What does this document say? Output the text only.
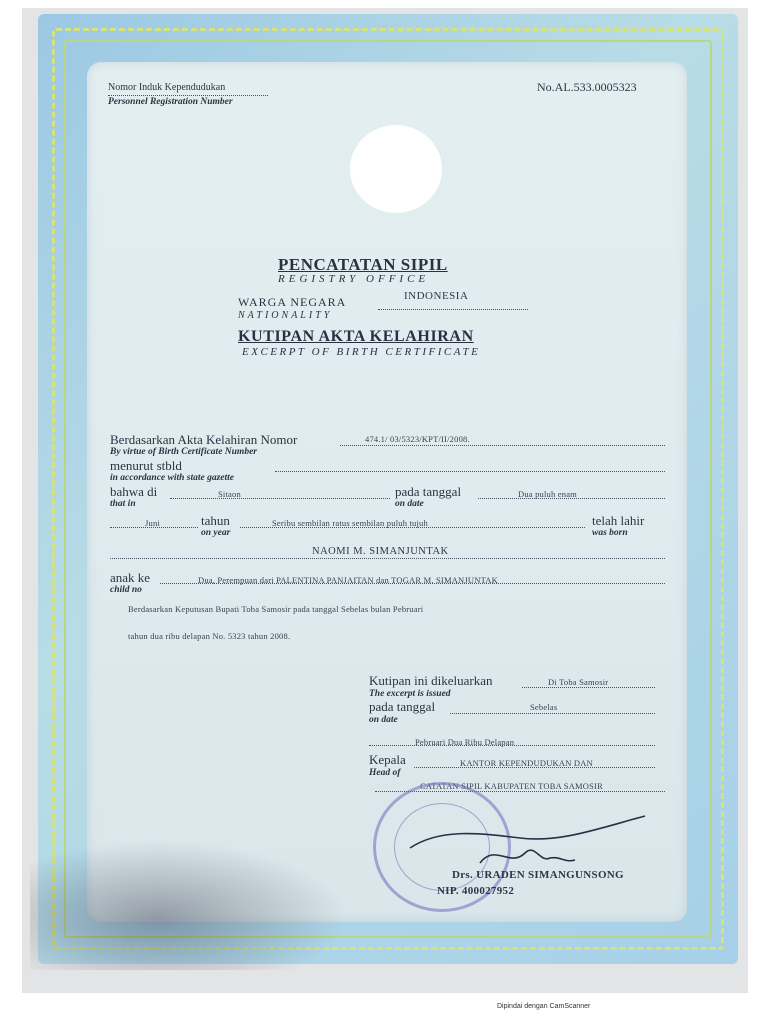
Nomor Induk Kependudukan
Personnel Registration Number
No.AL.533.0005323
PENCATATAN SIPIL
REGISTRY OFFICE
WARGA NEGARA	INDONESIA
NATIONALITY
KUTIPAN AKTA KELAHIRAN
EXCERPT OF BIRTH CERTIFICATE
Berdasarkan Akta Kelahiran Nomor	474.1/ 03/5323/KPT/II/2008.
By virtue of Birth Certificate Number
menurut stbld
in accordance with state gazette
bahwa di	Sitaon
that in
pada tanggal	Dua puluh enam
on date
Juni	tahun
on year
Seribu sembilan ratus sembilan puluh tujuh	telah lahir
was born
NAOMI M. SIMANJUNTAK
anak ke	Dua, Perempuan dari PALENTINA PANJAITAN dan TOGAR M. SIMANJUNTAK
child no
Berdasarkan Keputusan Bupati Toba Samosir pada tanggal Sebelas bulan Pebruari
tahun dua ribu delapan No. 5323 tahun 2008.
Kutipan ini dikeluarkan	Di Toba Samosir
The excerpt is issued
pada tanggal	Sebelas
on date
Pebruari Dua Ribu Delapan
Kepala	KANTOR KEPENDUDUKAN DAN
Head of
CATATAN SIPIL KABUPATEN TOBA SAMOSIR
Drs. URADEN SIMANGUNSONG
NIP. 400027952
Dipindai dengan CamScanner
